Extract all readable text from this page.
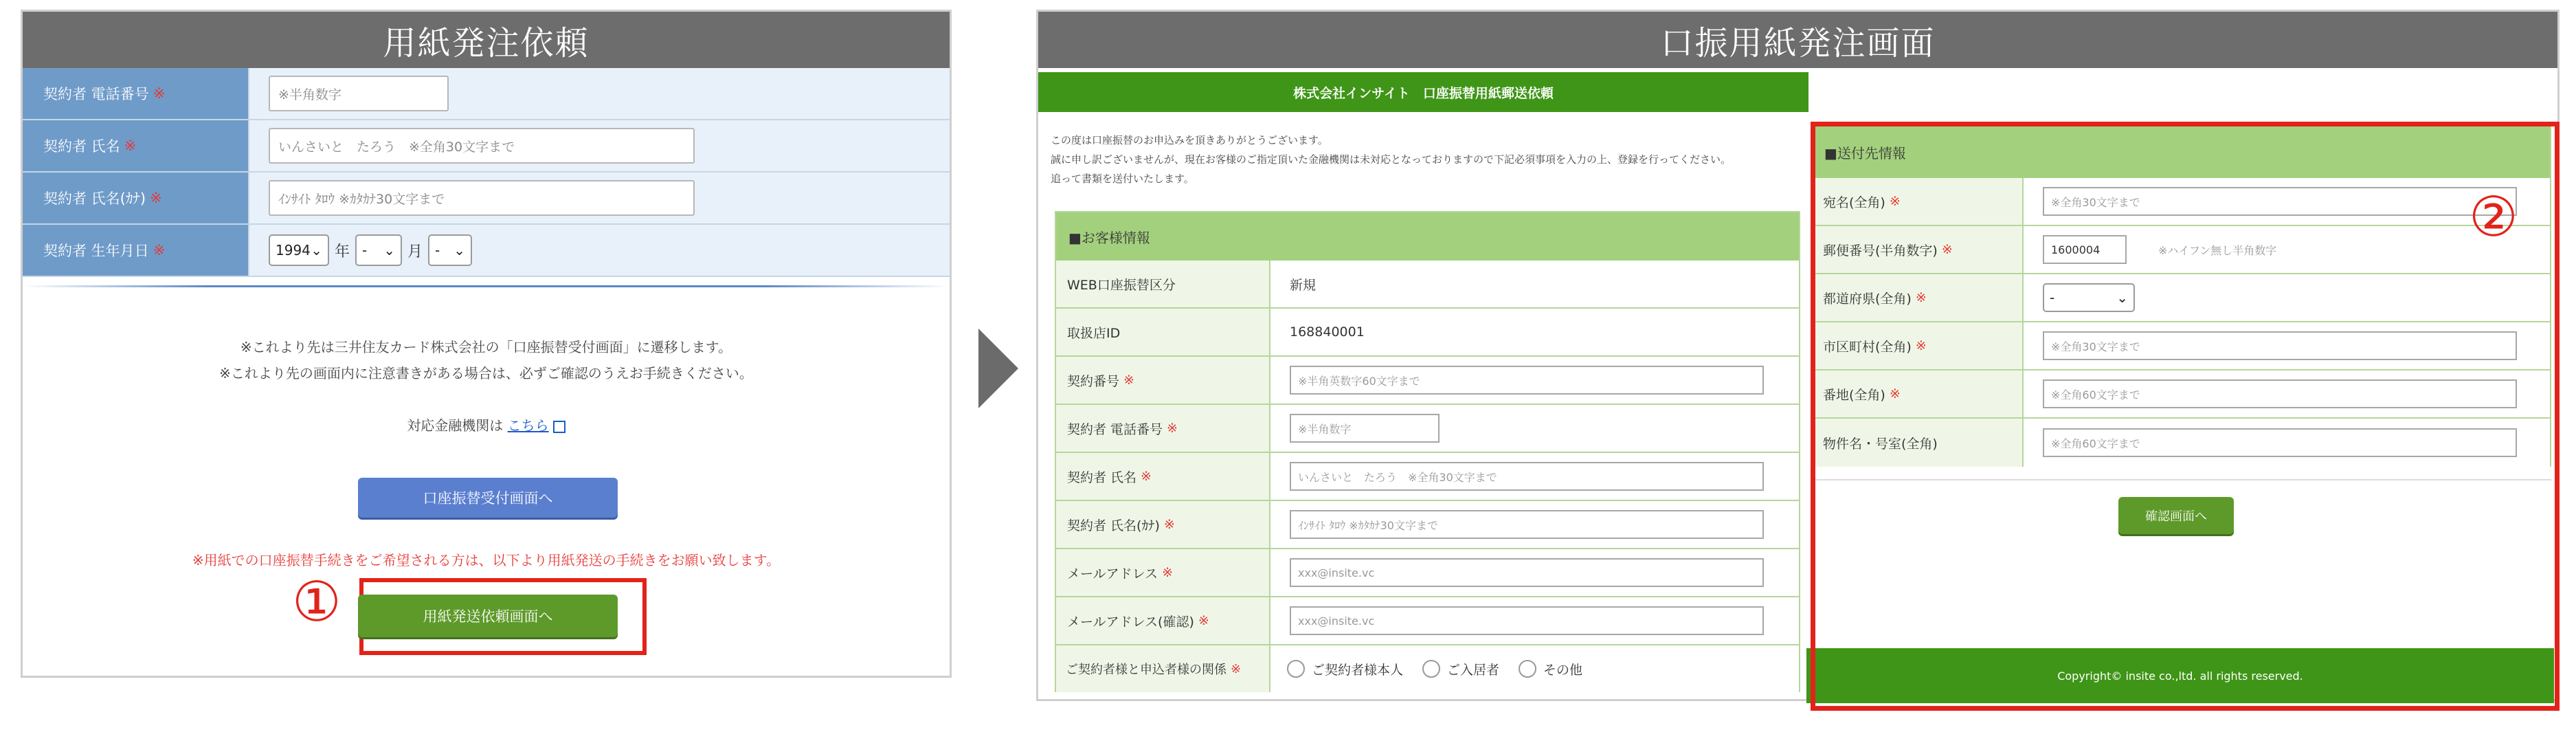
用紙発注依頼
契約者 電話番号 ※	※半角数字
契約者 氏名 ※	いんさいと　たろう　※全角30文字まで
契約者 氏名(ｶﾅ) ※	ｲﾝｻｲﾄ ﾀﾛｳ ※ｶﾀｶﾅ30文字まで
契約者 生年月日 ※	1994 ⌄ 年 - ⌄ 月 - ⌄
※これより先は三井住友カード株式会社の「口座振替受付画面」に遷移します。
※これより先の画面内に注意書きがある場合は、必ずご確認のうえお手続きください。
対応金融機関は こちら
口座振替受付画面へ
※用紙での口座振替手続きをご希望される方は、以下より用紙発送の手続きをお願い致します。
用紙発送依頼画面へ
①
口振用紙発注画面
株式会社インサイト　口座振替用紙郵送依頼
この度は口座振替のお申込みを頂きありがとうございます。
誠に申し訳ございませんが、現在お客様のご指定頂いた金融機関は未対応となっておりますので下記必須事項を入力の上、登録を行ってください。
追って書類を送付いたします。
■お客様情報
WEB口座振替区分	新規
取扱店ID	168840001
契約番号 ※	※半角英数字60文字まで
契約者 電話番号 ※	※半角数字
契約者 氏名 ※	いんさいと　たろう　※全角30文字まで
契約者 氏名(ｶﾅ) ※	ｲﾝｻｲﾄ ﾀﾛｳ ※ｶﾀｶﾅ30文字まで
メールアドレス ※	xxx@insite.vc
メールアドレス(確認) ※	xxx@insite.vc
ご契約者様と申込者様の関係 ※	ご契約者様本人	ご入居者	その他
■送付先情報
宛名(全角) ※	※全角30文字まで
郵便番号(半角数字) ※	1600004	※ハイフン無し半角数字
都道府県(全角) ※	-	⌄
市区町村(全角) ※	※全角30文字まで
番地(全角) ※	※全角60文字まで
物件名・号室(全角)	※全角60文字まで
確認画面へ
Copyright© insite co.,ltd. all rights reserved.
②
